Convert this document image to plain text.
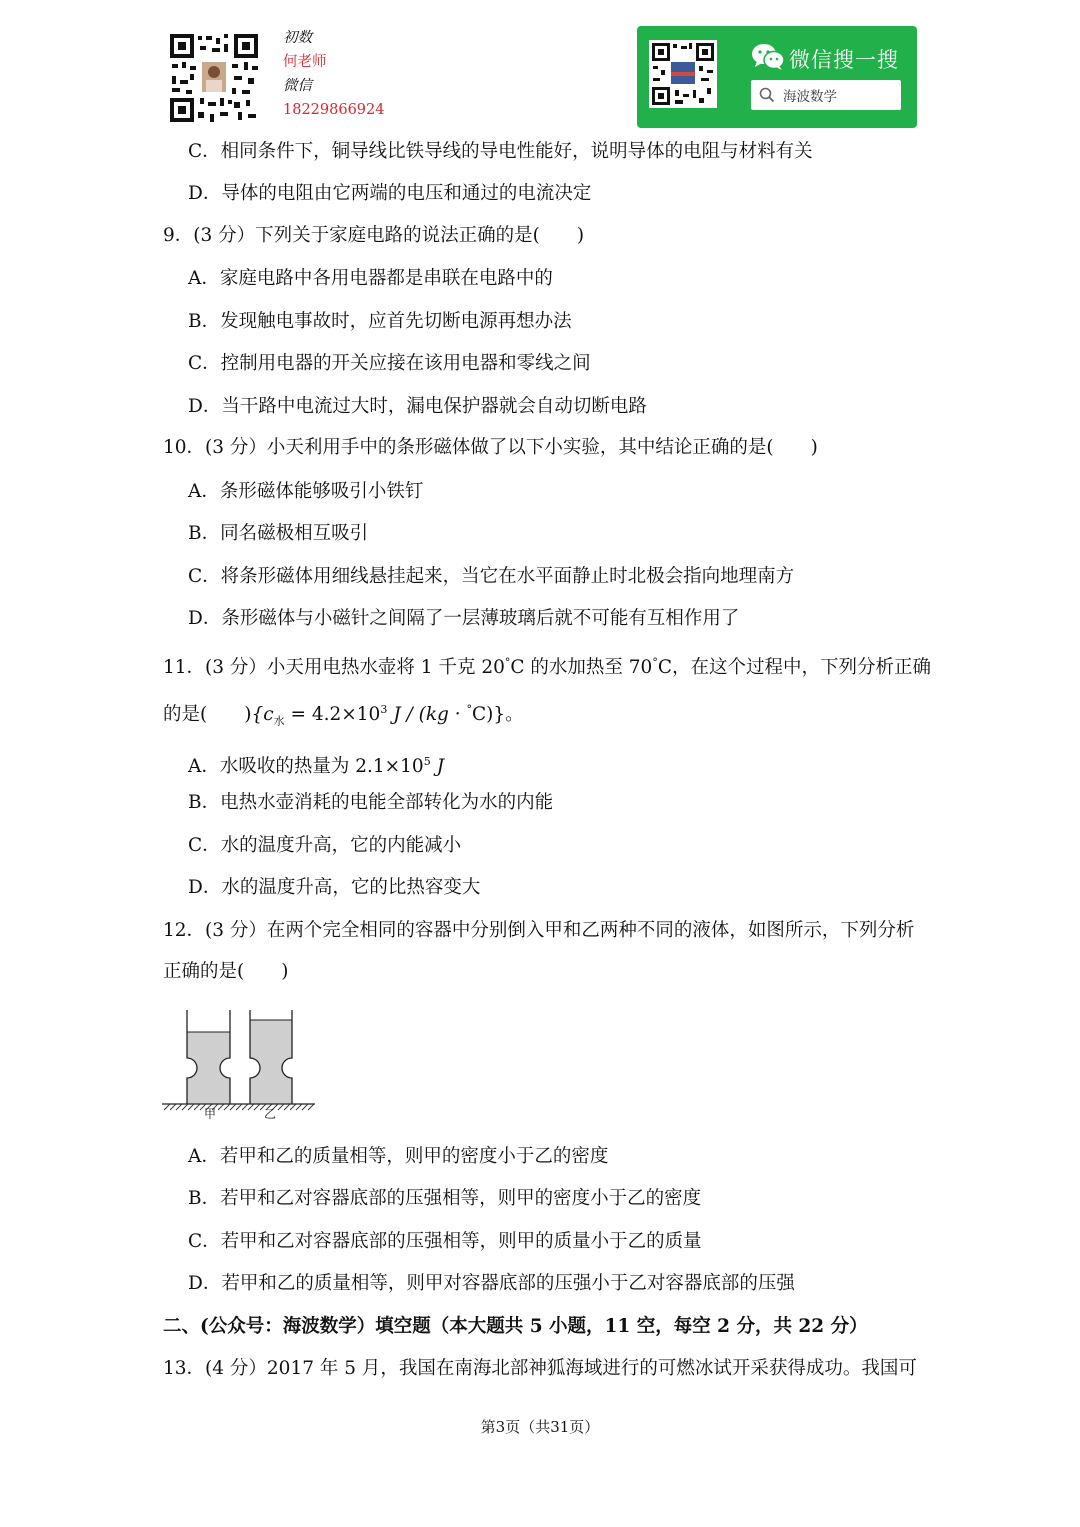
初数
何老师
微信
18229866924
微信搜一搜
海波数学
C．相同条件下，铜导线比铁导线的导电性能好，说明导体的电阻与材料有关
D．导体的电阻由它两端的电压和通过的电流决定
9．(3 分）下列关于家庭电路的说法正确的是(　　)
A．家庭电路中各用电器都是串联在电路中的
B．发现触电事故时，应首先切断电源再想办法
C．控制用电器的开关应接在该用电器和零线之间
D．当干路中电流过大时，漏电保护器就会自动切断电路
10．(3 分）小天利用手中的条形磁体做了以下小实验，其中结论正确的是(　　)
A．条形磁体能够吸引小铁钉
B．同名磁极相互吸引
C．将条形磁体用细线悬挂起来，当它在水平面静止时北极会指向地理南方
D．条形磁体与小磁针之间隔了一层薄玻璃后就不可能有互相作用了
11．(3 分）小天用电热水壶将 1 千克 20°C 的水加热至 70°C，在这个过程中，下列分析正确
的是(　　){$c_水 = 4.2\times 10^3$ J / (kg · °C)}。
A．水吸收的热量为 $2.1\times 10^5$ J
B．电热水壶消耗的电能全部转化为水的内能
C．水的温度升高，它的内能减小
D．水的温度升高，它的比热容变大
12．(3 分）在两个完全相同的容器中分别倒入甲和乙两种不同的液体，如图所示，下列分析
正确的是(　　)
甲	乙
A．若甲和乙的质量相等，则甲的密度小于乙的密度
B．若甲和乙对容器底部的压强相等，则甲的密度小于乙的密度
C．若甲和乙对容器底部的压强相等，则甲的质量小于乙的质量
D．若甲和乙的质量相等，则甲对容器底部的压强小于乙对容器底部的压强
二、(公众号：海波数学）填空题（本大题共 5 小题，11 空，每空 2 分，共 22 分）
13．(4 分）2017 年 5 月，我国在南海北部神狐海域进行的可燃冰试开采获得成功。我国可
第3页（共31页）
